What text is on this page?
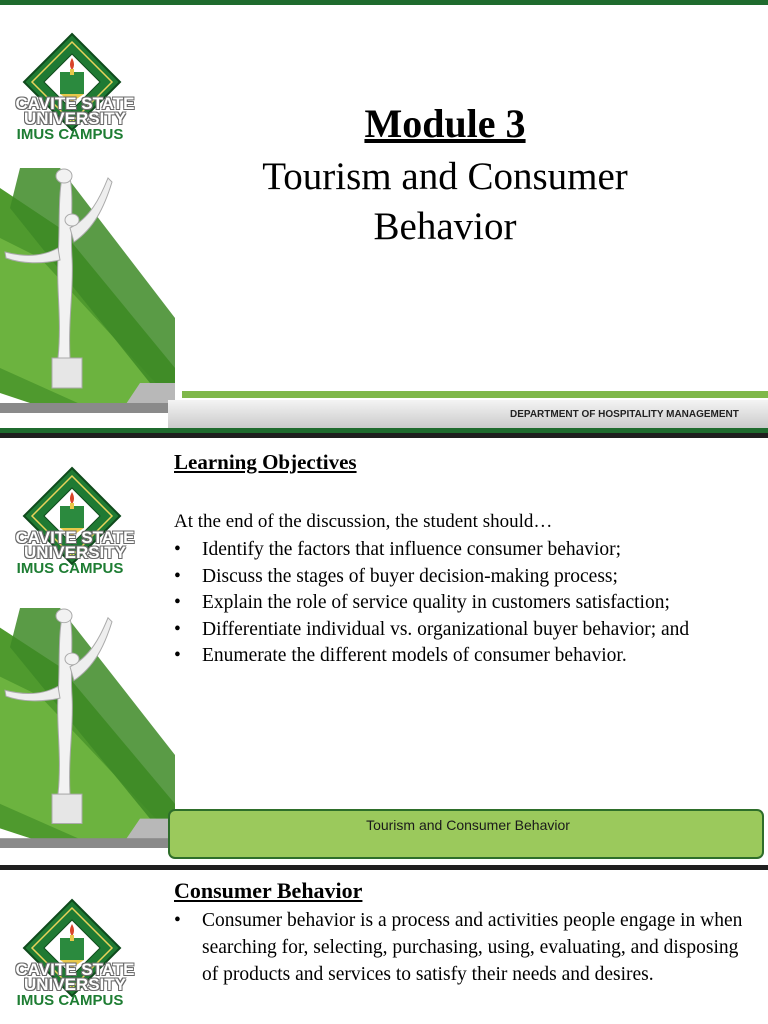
CAVITE STATE
UNIVERSITY
IMUS CAMPUS	Module 3
Tourism and Consumer
Behavior
DEPARTMENT OF HOSPITALITY MANAGEMENT
CAVITE STATE
UNIVERSITY
IMUS CAMPUS
Learning Objectives
At the end of the discussion, the student should…
• Identify the factors that influence consumer behavior;
• Discuss the stages of buyer decision-making process;
• Explain the role of service quality in customers satisfaction;
• Differentiate individual vs. organizational buyer behavior; and
• Enumerate the different models of consumer behavior.
Tourism and Consumer Behavior
CAVITE STATE
UNIVERSITY
IMUS CAMPUS
Consumer Behavior
• Consumer behavior is a process and activities people engage in when searching for, selecting, purchasing, using, evaluating, and disposing of products and services to satisfy their needs and desires.
